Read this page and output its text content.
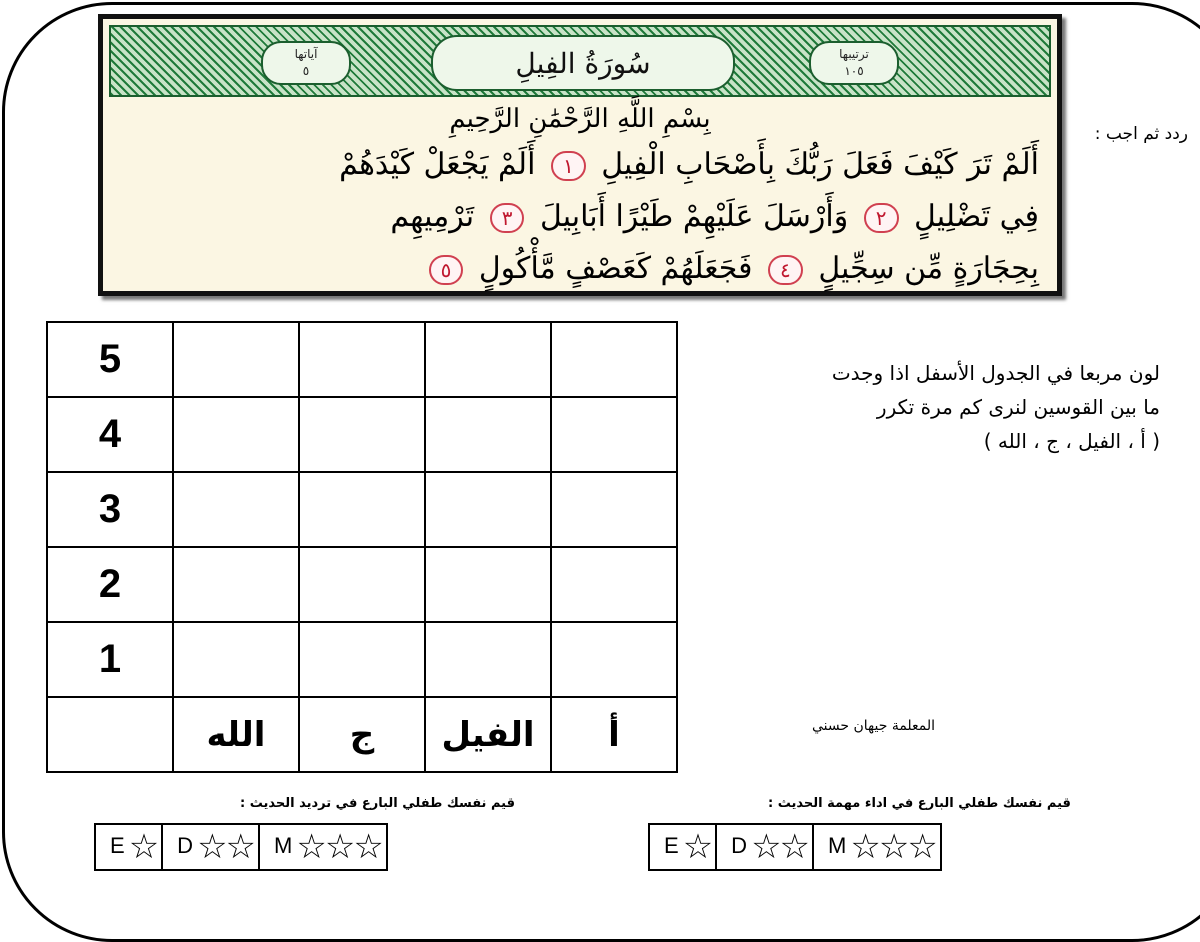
آياتها
٥	سُورَةُ الفِيلِ	ترتيبها
١٠٥
بِسْمِ اللَّهِ الرَّحْمَٰنِ الرَّحِيمِ
أَلَمْ تَرَ كَيْفَ فَعَلَ رَبُّكَ بِأَصْحَابِ الْفِيلِ ١ أَلَمْ يَجْعَلْ كَيْدَهُمْ
فِي تَضْلِيلٍ ٢ وَأَرْسَلَ عَلَيْهِمْ طَيْرًا أَبَابِيلَ ٣ تَرْمِيهِم
بِحِجَارَةٍ مِّن سِجِّيلٍ ٤ فَجَعَلَهُمْ كَعَصْفٍ مَّأْكُولٍ ٥
ردد ثم اجب :
لون مربعا في الجدول الأسفل اذا وجدت
ما بين القوسين لنرى كم مرة تكرر
( أ ، الفيل ، ج ، الله )
المعلمة جيهان حسني
5				
4				
3				
2				
1				
	الله	ج	الفيل	أ
قيم نفسك طفلي البارع في ترديد الحديث :
E ☆	D ☆☆	M ☆☆☆
قيم نفسك طفلي البارع في اداء مهمة الحديث :
E ☆	D ☆☆	M ☆☆☆
